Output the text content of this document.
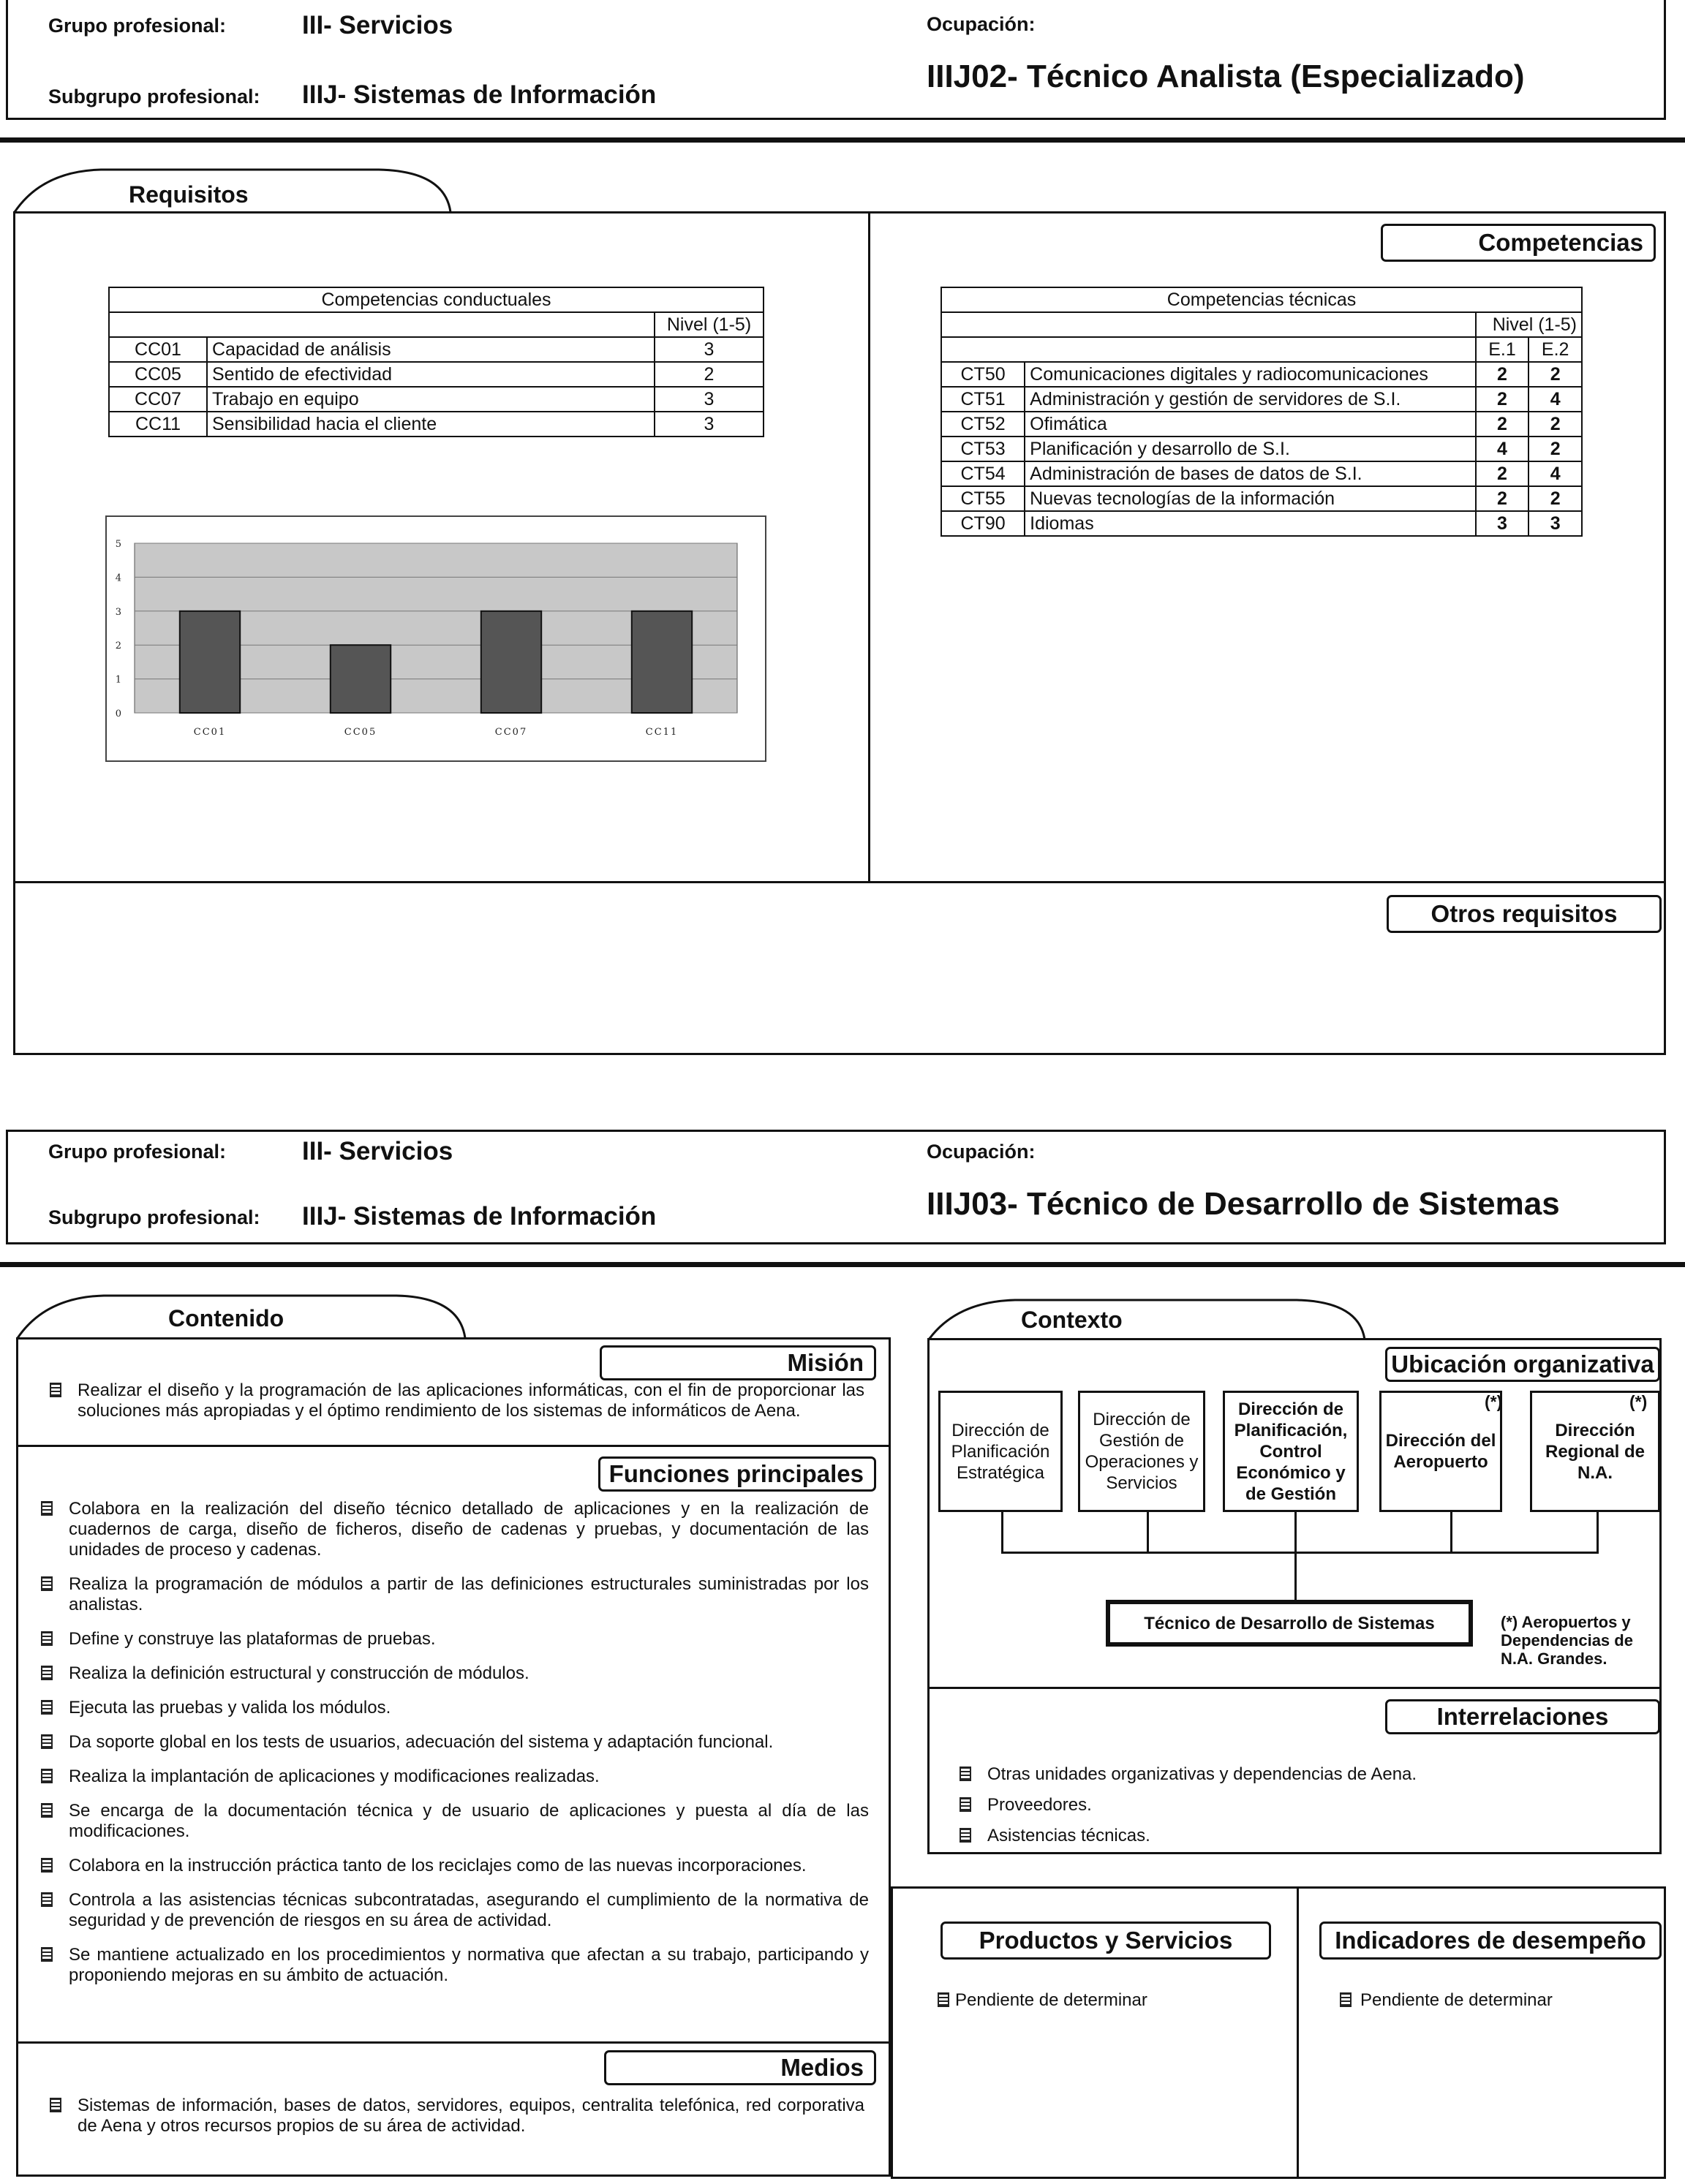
Grupo profesional:	III- Servicios
Subgrupo profesional: IIIJ- Sistemas de Información
Ocupación:
IIIJ02- Técnico Analista (Especializado)
Requisitos
Competencias
Otros requisitos
Competencias conductuales		
		Nivel (1-5)
CC01	Capacidad de análisis	3
CC05	Sentido de efectividad	2
CC07	Trabajo en equipo	3
CC11	Sensibilidad hacia el cliente	3
0
1
2
3
4
5
CC01	CC05	CC07	CC11
Competencias técnicas			
		Nivel (1-5)	
		E.1	E.2
CT50	Comunicaciones digitales y radiocomunicaciones	2	2
CT51	Administración y gestión de servidores de S.I.	2	4
CT52	Ofimática	2	2
CT53	Planificación y desarrollo de S.I.	4	2
CT54	Administración de bases de datos de S.I.	2	4
CT55	Nuevas tecnologías de la información	2	2
CT90	Idiomas	3	3
Grupo profesional:	III- Servicios
Subgrupo profesional: IIIJ- Sistemas de Información
Ocupación:
IIIJ03- Técnico de Desarrollo de Sistemas
Contenido
Misión
Realizar el diseño y la programación de las aplicaciones informáticas, con el fin de proporcionar las soluciones más apropiadas y el óptimo rendimiento de los sistemas de informáticos de Aena.
Funciones principales
Colabora en la realización del diseño técnico detallado de aplicaciones y en la realización de cuadernos de carga, diseño de ficheros, diseño de cadenas y pruebas, y documentación de las unidades de proceso y cadenas.
Realiza la programación de módulos a partir de las definiciones estructurales suministradas por los analistas.
Define y construye las plataformas de pruebas.
Realiza la definición estructural y construcción de módulos.
Ejecuta las pruebas y valida los módulos.
Da soporte global en los tests de usuarios, adecuación del sistema y adaptación funcional.
Realiza la implantación de aplicaciones y modificaciones realizadas.
Se encarga de la documentación técnica y de usuario de aplicaciones y puesta al día de las modificaciones.
Colabora en la instrucción práctica tanto de los reciclajes como de las nuevas incorporaciones.
Controla a las asistencias técnicas subcontratadas, asegurando el cumplimiento de la normativa de seguridad y de prevención de riesgos en su área de actividad.
Se mantiene actualizado en los procedimientos y normativa que afectan a su trabajo, participando y proponiendo mejoras en su ámbito de actuación.
Medios
Sistemas de información, bases de datos, servidores, equipos, centralita telefónica, red corporativa de Aena y otros recursos propios de su área de actividad.
Contexto
Ubicación organizativa
Dirección de Planificación Estratégica
Dirección de Gestión de Operaciones y Servicios
Dirección de Planificación, Control Económico y de Gestión
Dirección del Aeropuerto
Dirección Regional de N.A.
(*)	(*)
Técnico de Desarrollo de Sistemas	(*) Aeropuertos y Dependencias de N.A. Grandes.
Interrelaciones
Otras unidades organizativas y dependencias de Aena.
Proveedores.
Asistencias técnicas.
Productos y Servicios	Indicadores de desempeño
Pendiente de determinar	Pendiente de determinar
